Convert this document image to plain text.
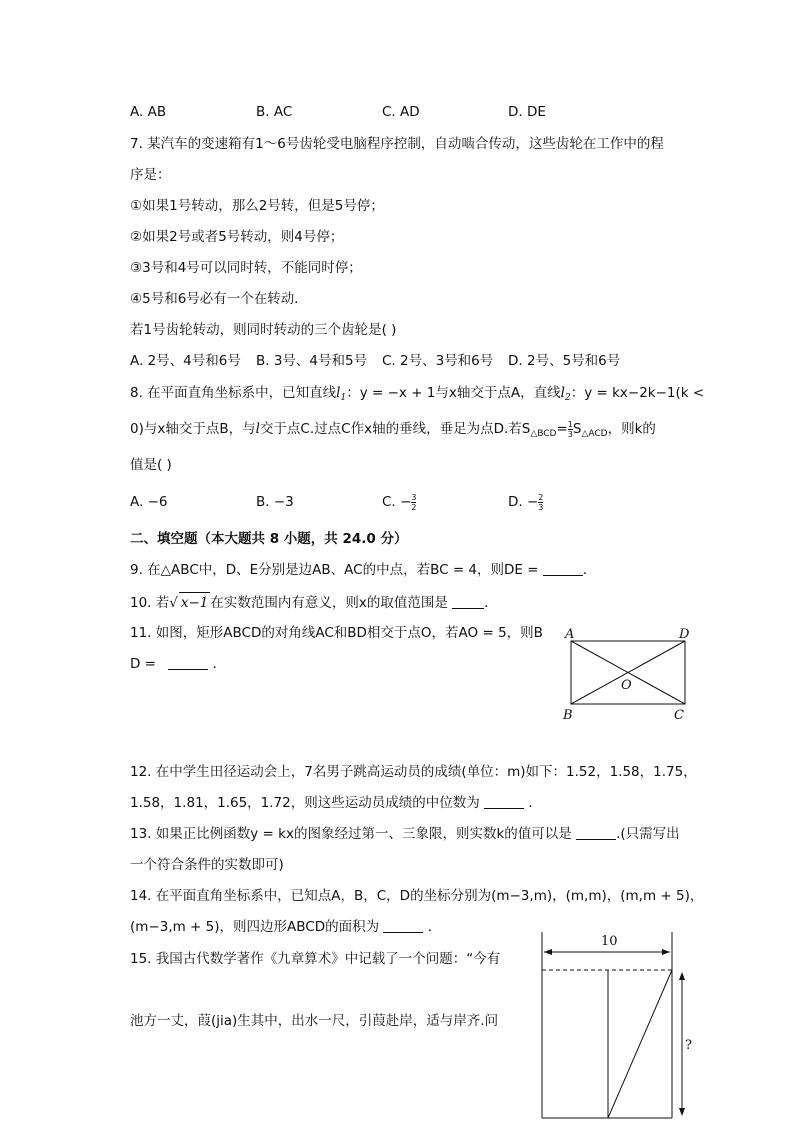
A. AB	B. AC	C. AD	D. DE
7. 某汽车的变速箱有1～6号齿轮受电脑程序控制，自动啮合传动，这些齿轮在工作中的程
序是：
①如果1号转动，那么2号转，但是5号停；
②如果2号或者5号转动，则4号停；
③3号和4号可以同时转，不能同时停；
④5号和6号必有一个在转动．
若1号齿轮转动，则同时转动的三个齿轮是( )
A. 2号、4号和6号 B. 3号、4号和5号 C. 2号、3号和6号 D. 2号、5号和6号
8. 在平面直角坐标系中，已知直线$l_1$：y = −x + 1与x轴交于点A，直线$l_2$：y = kx−2k−1(k <
0)与x轴交于点B，与l交于点C.过点C作x轴的垂线，垂足为点D.若$S_{\triangle BCD}= \frac{1}{3} S_{\triangle ACD}$，则k的
值是( )
A. −6	B. −3	C. − $\frac{3}{2}$	D. − $\frac{2}{3}$
二、填空题（本大题共 8 小题，共 24.0 分）
9. 在△ABC中，D、E分别是边AB、AC的中点，若BC = 4，则DE =	．
10. 若√ x−1 在实数范围内有意义，则x的取值范围是	．
11. 如图，矩形ABCD的对角线AC和BD相交于点O，若AO = 5，则B
D =	．
A	D
B	C
O
12. 在中学生田径运动会上，7名男子跳高运动员的成绩(单位：m)如下：1.52，1.58，1.75，
1.58，1.81，1.65，1.72，则这些运动员成绩的中位数为	．
13. 如果正比例函数y = kx的图象经过第一、三象限，则实数k的值可以是	.(只需写出
一个符合条件的实数即可)
14. 在平面直角坐标系中，已知点A，B，C，D的坐标分别为(m−3,m)，(m,m)，(m,m + 5)，
(m−3,m + 5)，则四边形ABCD的面积为	．
15. 我国古代数学著作《九章算术》中记载了一个问题：“今有
池方一丈，葭(jia)生其中，出水一尺，引葭赴岸，适与岸齐.问
10
?
